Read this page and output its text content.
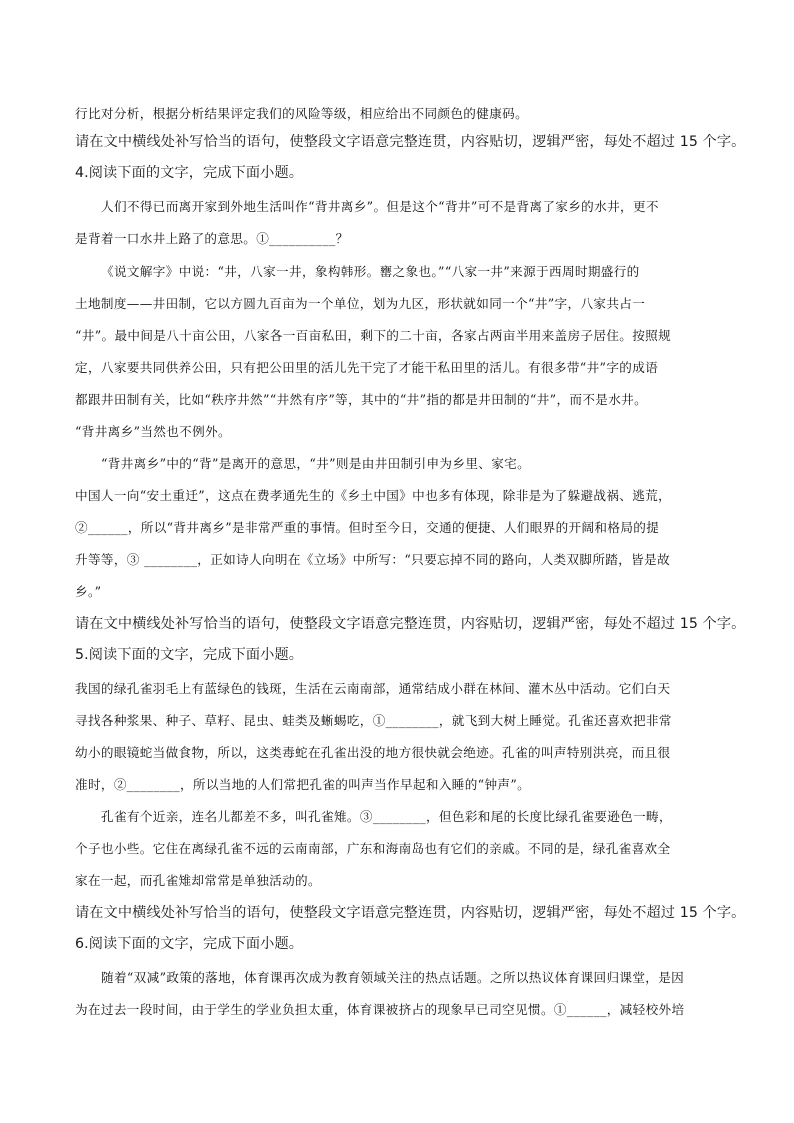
行比对分析，根据分析结果评定我们的风险等级，相应给出不同颜色的健康码。
请在文中横线处补写恰当的语句，使整段文字语意完整连贯，内容贴切，逻辑严密，每处不超过 15 个字。
4.阅读下面的文字，完成下面小题。
人们不得已而离开家到外地生活叫作“背井离乡”。但是这个“背井”可不是背离了家乡的水井，更不
是背着一口水井上路了的意思。①__________？
《说文解字》中说：“井，八家一井，象构韩形。罋之象也。”“八家一井”来源于西周时期盛行的
土地制度——井田制，它以方圆九百亩为一个单位，划为九区，形状就如同一个“井”字，八家共占一
“井”。最中间是八十亩公田，八家各一百亩私田，剩下的二十亩，各家占两亩半用来盖房子居住。按照规
定，八家要共同供养公田，只有把公田里的活儿先干完了才能干私田里的活儿。有很多带“井”字的成语
都跟井田制有关，比如“秩序井然”“井然有序”等，其中的“井”指的都是井田制的“井”，而不是水井。
“背井离乡”当然也不例外。
“背井离乡”中的“背”是离开的意思，“井”则是由井田制引申为乡里、家宅。
中国人一向“安土重迁”，这点在费孝通先生的《乡土中国》中也多有体现，除非是为了躲避战祸、逃荒，
②______，所以“背井离乡”是非常严重的事情。但时至今日，交通的便捷、人们眼界的开阔和格局的提
升等等，③ ________，正如诗人向明在《立场》中所写：“只要忘掉不同的路向，人类双脚所踏，皆是故
乡。”
请在文中横线处补写恰当的语句，使整段文字语意完整连贯，内容贴切，逻辑严密，每处不超过 15 个字。
5.阅读下面的文字，完成下面小题。
我国的绿孔雀羽毛上有蓝绿色的钱斑，生活在云南南部，通常结成小群在林间、灌木丛中活动。它们白天
寻找各种浆果、种子、草籽、昆虫、蛙类及蜥蜴吃，①________，就飞到大树上睡觉。孔雀还喜欢把非常
幼小的眼镜蛇当做食物，所以，这类毒蛇在孔雀出没的地方很快就会绝迹。孔雀的叫声特别洪亮，而且很
准时，②________，所以当地的人们常把孔雀的叫声当作早起和入睡的“钟声”。
孔雀有个近亲，连名儿都差不多，叫孔雀雉。③________，但色彩和尾的长度比绿孔雀要逊色一畴，
个子也小些。它住在离绿孔雀不远的云南南部，广东和海南岛也有它们的亲戚。不同的是，绿孔雀喜欢全
家在一起，而孔雀雉却常常是单独活动的。
请在文中横线处补写恰当的语句，使整段文字语意完整连贯，内容贴切，逻辑严密，每处不超过 15 个字。
6.阅读下面的文字，完成下面小题。
随着“双减”政策的落地，体育课再次成为教育领域关注的热点话题。之所以热议体育课回归课堂，是因
为在过去一段时间，由于学生的学业负担太重，体育课被挤占的现象早已司空见惯。①______，减轻校外培
